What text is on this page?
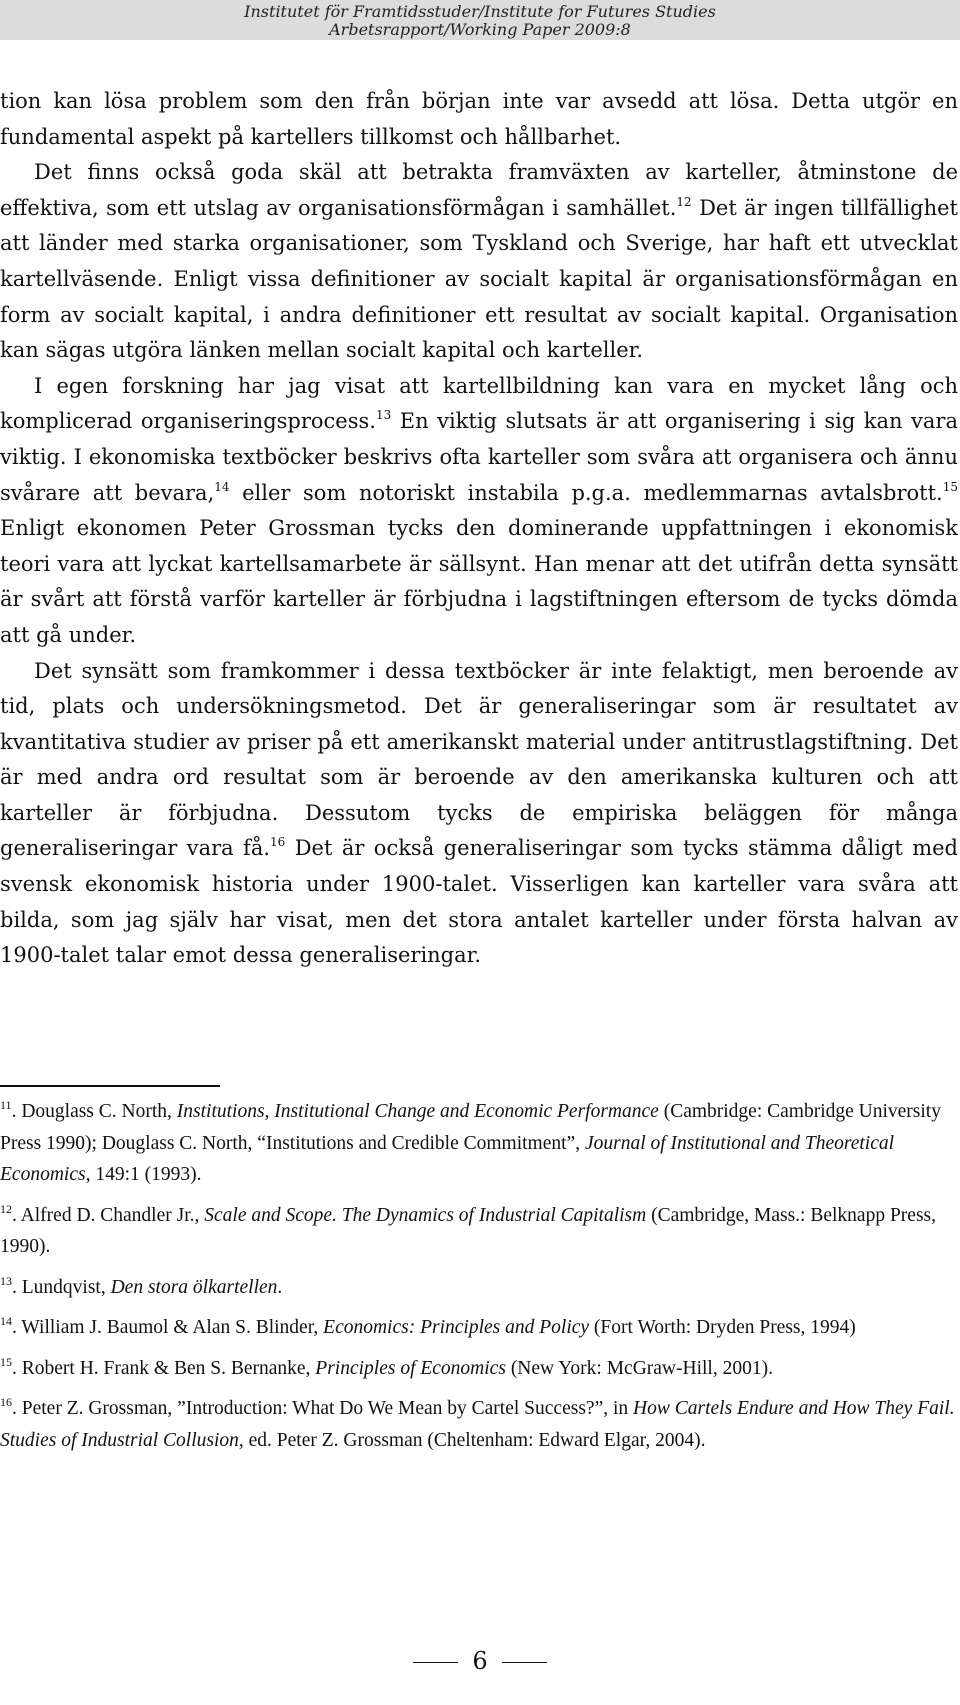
Institutet för Framtidsstuder/Institute for Futures Studies
Arbetsrapport/Working Paper 2009:8

tion kan lösa problem som den från början inte var avsedd att lösa. Detta utgör en fundamental aspekt på kartellers tillkomst och hållbarhet.

Det finns också goda skäl att betrakta framväxten av karteller, åtminstone de effektiva, som ett utslag av organisationsförmågan i samhället.$^{12}$ Det är ingen tillfällighet att länder med starka organisationer, som Tyskland och Sverige, har haft ett utvecklat kartellväsende. Enligt vissa definitioner av socialt kapital är organisationsförmågan en form av socialt kapital, i andra definitioner ett resultat av socialt kapital. Organisation kan sägas utgöra länken mellan socialt kapital och karteller.

I egen forskning har jag visat att kartellbildning kan vara en mycket lång och komplicerad organiseringsprocess.$^{13}$ En viktig slutsats är att organisering i sig kan vara viktig. I ekonomiska textböcker beskrivs ofta karteller som svåra att organisera och ännu svårare att bevara,$^{14}$ eller som notoriskt instabila p.g.a. medlemmarnas avtalsbrott.$^{15}$ Enligt ekonomen Peter Grossman tycks den dominerande uppfattningen i ekonomisk teori vara att lyckat kartellsamarbete är sällsynt. Han menar att det utifrån detta synsätt är svårt att förstå varför karteller är förbjudna i lagstiftningen eftersom de tycks dömda att gå under.

Det synsätt som framkommer i dessa textböcker är inte felaktigt, men beroende av tid, plats och undersökningsmetod. Det är generaliseringar som är resultatet av kvantitativa studier av priser på ett amerikanskt material under antitrustlagstiftning. Det är med andra ord resultat som är beroende av den amerikanska kulturen och att karteller är förbjudna. Dessutom tycks de empiriska beläggen för många generaliseringar vara få.$^{16}$ Det är också generaliseringar som tycks stämma dåligt med svensk ekonomisk historia under 1900-talet. Visserligen kan karteller vara svåra att bilda, som jag själv har visat, men det stora antalet karteller under första halvan av 1900-talet talar emot dessa generaliseringar.

$^{11}$. Douglass C. North, Institutions, Institutional Change and Economic Performance (Cambridge: Cambridge University Press 1990); Douglass C. North, “Institutions and Credible Commitment”, Journal of Institutional and Theoretical Economics, 149:1 (1993).

$^{12}$. Alfred D. Chandler Jr., Scale and Scope. The Dynamics of Industrial Capitalism (Cambridge, Mass.: Belknapp Press, 1990).

$^{13}$. Lundqvist, Den stora ölkartellen.

$^{14}$. William J. Baumol & Alan S. Blinder, Economics: Principles and Policy (Fort Worth: Dryden Press, 1994)

$^{15}$. Robert H. Frank & Ben S. Bernanke, Principles of Economics (New York: McGraw-Hill, 2001).

$^{16}$. Peter Z. Grossman, ”Introduction: What Do We Mean by Cartel Success?”, in How Cartels Endure and How They Fail. Studies of Industrial Collusion, ed. Peter Z. Grossman (Cheltenham: Edward Elgar, 2004).

6
